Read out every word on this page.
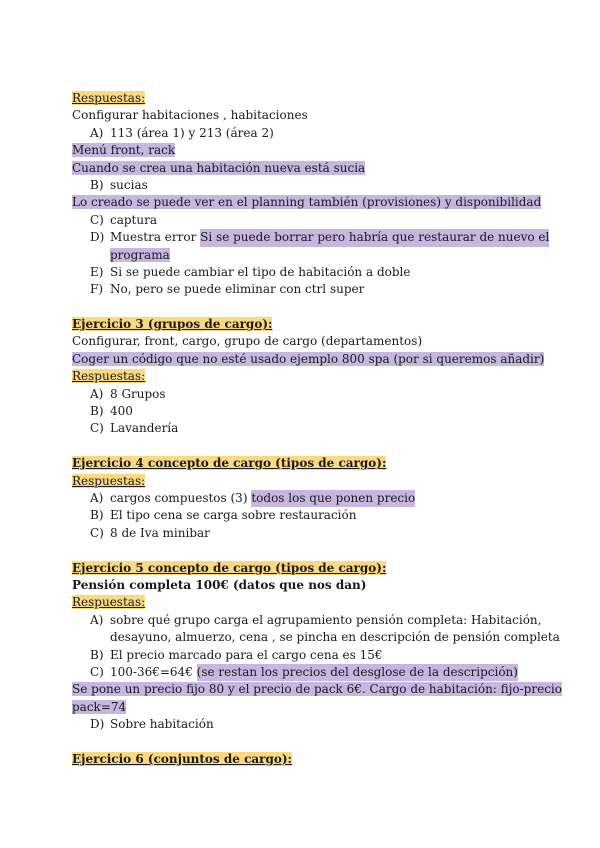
Respuestas:
Configurar habitaciones , habitaciones
A) 113 (área 1) y 213 (área 2)
Menú front, rack
Cuando se crea una habitación nueva está sucia
B) sucias
Lo creado se puede ver en el planning también (provisiones) y disponibilidad
C) captura
D) Muestra error
Si se puede borrar pero habría que restaurar de nuevo el
programa
E) Si se puede cambiar el tipo de habitación a doble
F) No, pero se puede eliminar con ctrl super
Ejercicio 3 (grupos de cargo):
Configurar, front, cargo, grupo de cargo (departamentos)
Coger un código que no esté usado ejemplo 800 spa (por si queremos añadir)
Respuestas:
A) 8 Grupos
B) 400
C) Lavandería
Ejercicio 4 concepto de cargo (tipos de cargo):
Respuestas:
A) cargos compuestos (3)
todos los que ponen precio
B) El tipo cena se carga sobre restauración
C) 8 de Iva minibar
Ejercicio 5 concepto de cargo (tipos de cargo):
Pensión completa 100€ (datos que nos dan)
Respuestas:
A) sobre qué grupo carga el agrupamiento pensión completa: Habitación,
desayuno, almuerzo, cena , se pincha en descripción de pensión completa
B) El precio marcado para el cargo cena es 15€
C) 100-36€=64€
(se restan los precios del desglose de la descripción)
Se pone un precio fijo 80 y el precio de pack 6€. Cargo de habitación: fijo-precio
pack=74
D) Sobre habitación
Ejercicio 6 (conjuntos de cargo):
